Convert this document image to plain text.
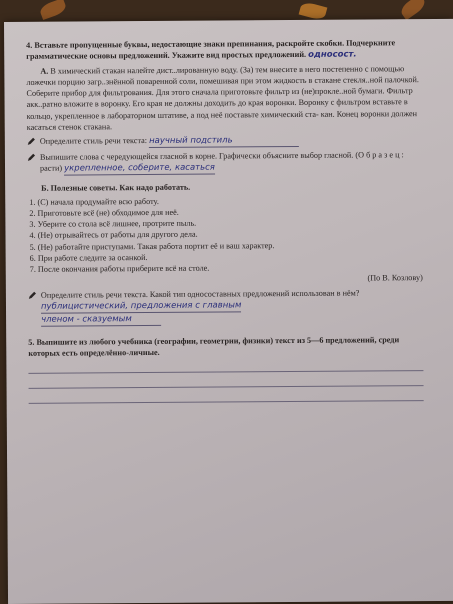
4. Вставьте пропущенные буквы, недостающие знаки препинания, раскройте скобки. Подчеркните грамматические основы предложений. Укажите вид простых предложений. односост.

А. В химический стакан налейте дист..лированную воду. (За) тем внесите в него постепенно с помощью ложечки порцию загр..знённой поваренной соли, помешивая при этом жидкость в стакане стекля..ной палочкой. Соберите прибор для фильтрования. Для этого сначала приготовьте фильтр из (не)прокле..ной бумаги. Фильтр акк..ратно вложите в воронку. Его края не должны доходить до края воронки. Воронку с фильтром вставьте в кольцо, укрепленное в лабораторном штативе, а под неё поставьте химический ста- кан. Конец воронки должен касаться стенок стакана.

Определите стиль речи текста: научный подстиль
Выпишите слова с чередующейся гласной в корне. Графически объясните выбор гласной. (О б р а з е ц : расти) укрепленное, соберите, касаться

Б. Полезные советы. Как надо работать.

1. (С) начала продумайте всю работу.

2. Приготовьте всё (не) обходимое для неё.

3. Уберите со стола всё лишнее, протрите пыль.

4. (Не) отрывайтесь от работы для другого дела.

5. (Не) работайте приступами. Такая работа портит её и ваш характер.

6. При работе следите за осанкой.

7. После окончания работы приберите всё на столе.

(По В. Козлову)

Определите стиль речи текста. Какой тип односоставных предложений использован в нём? публицистический, предложения с главным
членом - сказуемым

5. Выпишите из любого учебника (географии, геометрии, физики) текст из 5—6 предложений, среди которых есть определённо-личные.
